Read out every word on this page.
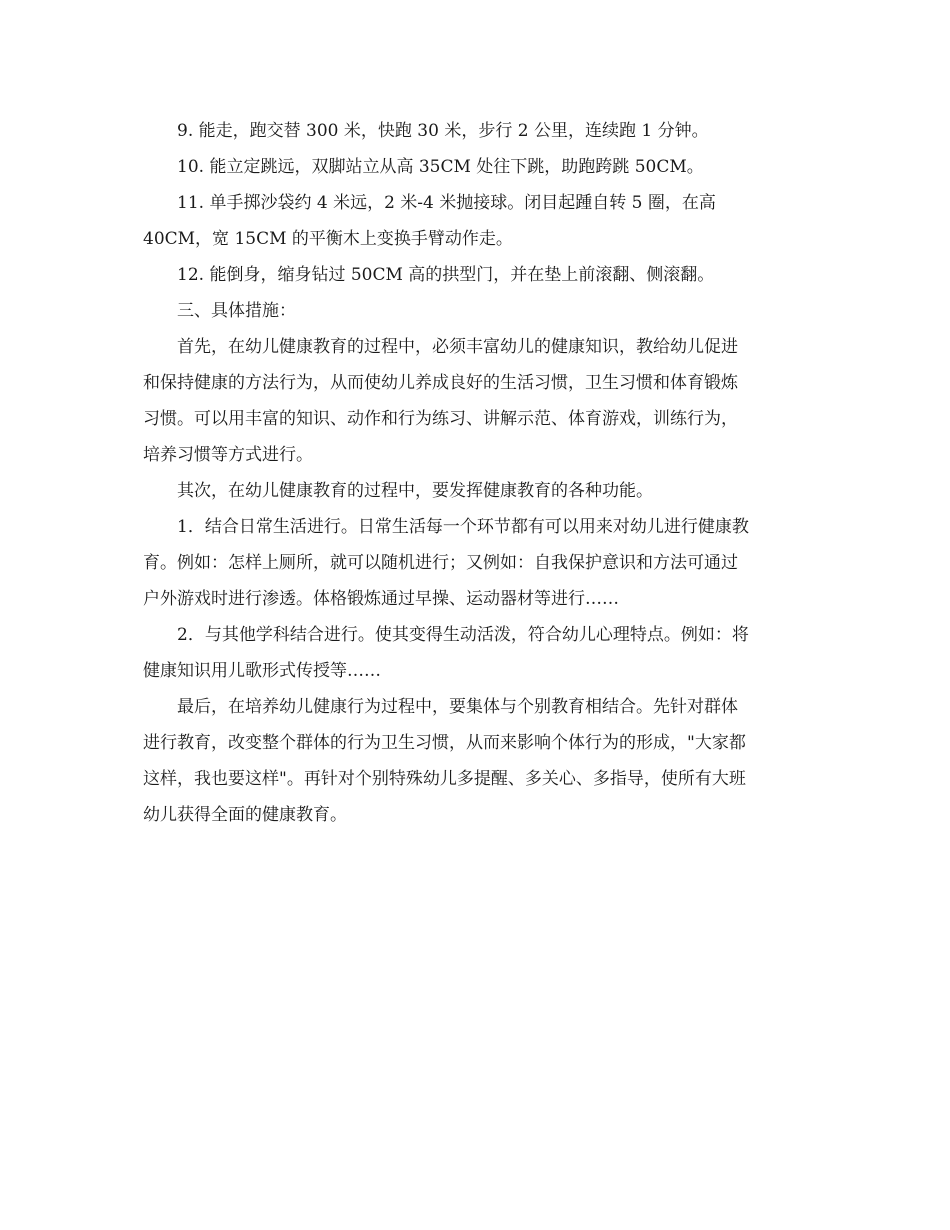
9. 能走，跑交替 300 米，快跑 30 米，步行 2 公里，连续跑 1 分钟。
10. 能立定跳远，双脚站立从高 35CM 处往下跳，助跑跨跳 50CM。
11. 单手掷沙袋约 4 米远，2 米-4 米抛接球。闭目起踵自转 5 圈，在高
40CM，宽 15CM 的平衡木上变换手臂动作走。
12. 能倒身，缩身钻过 50CM 高的拱型门，并在垫上前滚翻、侧滚翻。
三、具体措施：
首先，在幼儿健康教育的过程中，必须丰富幼儿的健康知识，教给幼儿促进
和保持健康的方法行为，从而使幼儿养成良好的生活习惯，卫生习惯和体育锻炼
习惯。可以用丰富的知识、动作和行为练习、讲解示范、体育游戏，训练行为，
培养习惯等方式进行。
其次，在幼儿健康教育的过程中，要发挥健康教育的各种功能。
1．结合日常生活进行。日常生活每一个环节都有可以用来对幼儿进行健康教
育。例如：怎样上厕所，就可以随机进行；又例如：自我保护意识和方法可通过
户外游戏时进行渗透。体格锻炼通过早操、运动器材等进行……
2．与其他学科结合进行。使其变得生动活泼，符合幼儿心理特点。例如：将
健康知识用儿歌形式传授等……
最后，在培养幼儿健康行为过程中，要集体与个别教育相结合。先针对群体
进行教育，改变整个群体的行为卫生习惯，从而来影响个体行为的形成，"大家都
这样，我也要这样"。再针对个别特殊幼儿多提醒、多关心、多指导，使所有大班
幼儿获得全面的健康教育。
